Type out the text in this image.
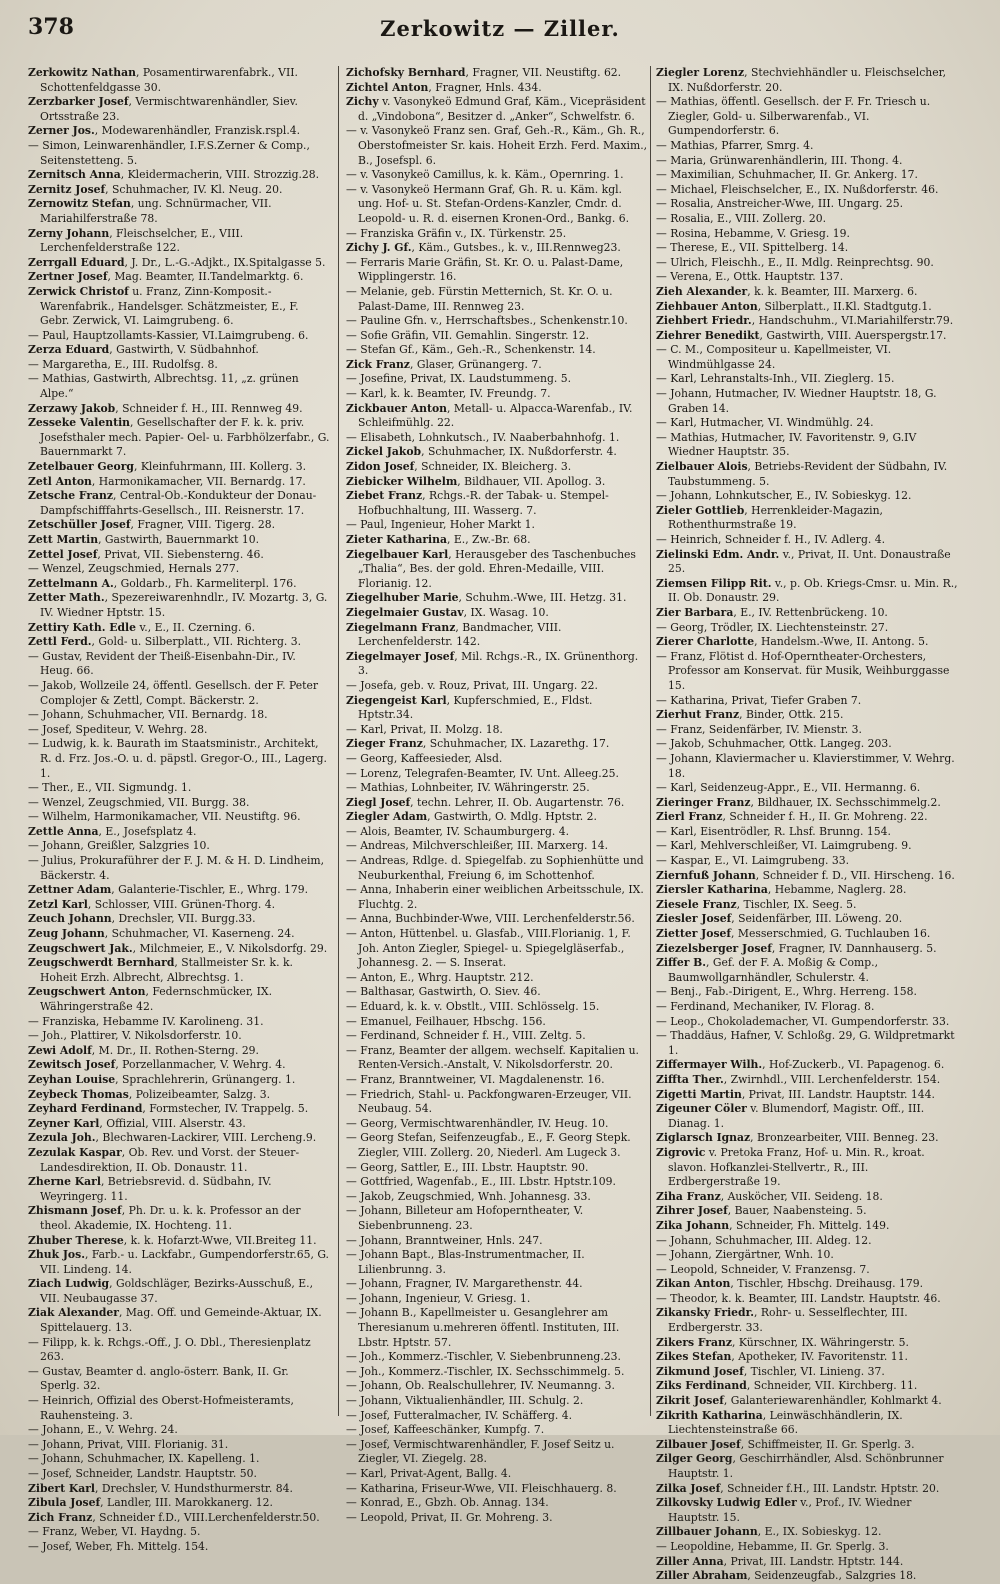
378	Zerkowitz — Ziller.

Zerkowitz Nathan, Posamentirwarenfabrk., VII. Schottenfeldgasse 30.

Zerzbarker Josef, Vermischtwarenhändler, Siev. Ortsstraße 23.

Zerner Jos., Modewarenhändler, Franzisk.rspl.4.

— Simon, Leinwarenhändler, I.F.S.Zerner & Comp., Seitenstetteng. 5.

Zernitsch Anna, Kleidermacherin, VIII. Strozzig.28.

Zernitz Josef, Schuhmacher, IV. Kl. Neug. 20.

Zernowitz Stefan, ung. Schnürmacher, VII. Mariahilferstraße 78.

Zerny Johann, Fleischselcher, E., VIII. Lerchenfelderstraße 122.

Zerrgall Eduard, J. Dr., L.-G.-Adjkt., IX.Spitalgasse 5.

Zertner Josef, Mag. Beamter, II.Tandelmarktg. 6.

Zerwick Christof u. Franz, Zinn-Komposit.-Warenfabrik., Handelsger. Schätzmeister, E., F. Gebr. Zerwick, VI. Laimgrubeng. 6.

— Paul, Hauptzollamts-Kassier, VI.Laimgrubeng. 6.

Zerza Eduard, Gastwirth, V. Südbahnhof.

— Margaretha, E., III. Rudolfsg. 8.

— Mathias, Gastwirth, Albrechtsg. 11, „z. grünen Alpe.“

Zerzawy Jakob, Schneider f. H., III. Rennweg 49.

Zesseke Valentin, Gesellschafter der F. k. k. priv. Josefsthaler mech. Papier- Oel- u. Farbhölzerfabr., G. Bauernmarkt 7.

Zetelbauer Georg, Kleinfuhrmann, III. Kollerg. 3.

Zetl Anton, Harmonikamacher, VII. Bernardg. 17.

Zetsche Franz, Central-Ob.-Kondukteur der Donau-Dampfschifffahrts-Gesellsch., III. Reisnerstr. 17.

Zetschüller Josef, Fragner, VIII. Tigerg. 28.

Zett Martin, Gastwirth, Bauernmarkt 10.

Zettel Josef, Privat, VII. Siebensterng. 46.

— Wenzel, Zeugschmied, Hernals 277.

Zettelmann A., Goldarb., Fh. Karmeliterpl. 176.

Zetter Math., Spezereiwarenhndlr., IV. Mozartg. 3, G. IV. Wiedner Hptstr. 15.

Zettiry Kath. Edle v., E., II. Czerning. 6.

Zettl Ferd., Gold- u. Silberplatt., VII. Richterg. 3.

— Gustav, Revident der Theiß-Eisenbahn-Dir., IV. Heug. 66.

— Jakob, Wollzeile 24, öffentl. Gesellsch. der F. Peter Complojer & Zettl, Compt. Bäckerstr. 2.

— Johann, Schuhmacher, VII. Bernardg. 18.

— Josef, Spediteur, V. Wehrg. 28.

— Ludwig, k. k. Baurath im Staatsministr., Architekt, R. d. Frz. Jos.-O. u. d. päpstl. Gregor-O., III., Lagerg. 1.

— Ther., E., VII. Sigmundg. 1.

— Wenzel, Zeugschmied, VII. Burgg. 38.

— Wilhelm, Harmonikamacher, VII. Neustiftg. 96.

Zettle Anna, E., Josefsplatz 4.

— Johann, Greißler, Salzgries 10.

— Julius, Prokuraführer der F. J. M. & H. D. Lindheim, Bäckerstr. 4.

Zettner Adam, Galanterie-Tischler, E., Whrg. 179.

Zetzl Karl, Schlosser, VIII. Grünen-Thorg. 4.

Zeuch Johann, Drechsler, VII. Burgg.33.

Zeug Johann, Schuhmacher, VI. Kaserneng. 24.

Zeugschwert Jak., Milchmeier, E., V. Nikolsdorfg. 29.

Zeugschwerdt Bernhard, Stallmeister Sr. k. k. Hoheit Erzh. Albrecht, Albrechtsg. 1.

Zeugschwert Anton, Federnschmücker, IX. Währingerstraße 42.

— Franziska, Hebamme IV. Karolineng. 31.

— Joh., Plattirer, V. Nikolsdorferstr. 10.

Zewi Adolf, M. Dr., II. Rothen-Sterng. 29.

Zewitsch Josef, Porzellanmacher, V. Wehrg. 4.

Zeyhan Louise, Sprachlehrerin, Grünangerg. 1.

Zeybeck Thomas, Polizeibeamter, Salzg. 3.

Zeyhard Ferdinand, Formstecher, IV. Trappelg. 5.

Zeyner Karl, Offizial, VIII. Alserstr. 43.

Zezula Joh., Blechwaren-Lackirer, VIII. Lercheng.9.

Zezulak Kaspar, Ob. Rev. und Vorst. der Steuer-Landesdirektion, II. Ob. Donaustr. 11.

Zherne Karl, Betriebsrevid. d. Südbahn, IV. Weyringerg. 11.

Zhismann Josef, Ph. Dr. u. k. k. Professor an der theol. Akademie, IX. Hochteng. 11.

Zhuber Therese, k. k. Hofarzt-Wwe, VII.Breiteg 11.

Zhuk Jos., Farb.- u. Lackfabr., Gumpendorferstr.65, G. VII. Lindeng. 14.

Ziach Ludwig, Goldschläger, Bezirks-Ausschuß, E., VII. Neubaugasse 37.

Ziak Alexander, Mag. Off. und Gemeinde-Aktuar, IX. Spittelauerg. 13.

— Filipp, k. k. Rchgs.-Off., J. O. Dbl., Theresienplatz 263.

— Gustav, Beamter d. anglo-österr. Bank, II. Gr. Sperlg. 32.

— Heinrich, Offizial des Oberst-Hofmeisteramts, Rauhensteing. 3.

— Johann, E., V. Wehrg. 24.

— Johann, Privat, VIII. Florianig. 31.

— Johann, Schuhmacher, IX. Kapelleng. 1.

— Josef, Schneider, Landstr. Hauptstr. 50.

Zibert Karl, Drechsler, V. Hundsthurmerstr. 84.

Zibula Josef, Landler, III. Marokkanerg. 12.

Zich Franz, Schneider f.D., VIII.Lerchenfelderstr.50.

— Franz, Weber, VI. Haydng. 5.

— Josef, Weber, Fh. Mittelg. 154.

Zichofsky Bernhard, Fragner, VII. Neustiftg. 62.

Zichtel Anton, Fragner, Hnls. 434.

Zichy v. Vasonykeö Edmund Graf, Käm., Vicepräsident d. „Vindobona“, Besitzer d. „Anker“, Schwelfstr. 6.

— v. Vasonykeö Franz sen. Graf, Geh.-R., Käm., Gh. R., Oberstofmeister Sr. kais. Hoheit Erzh. Ferd. Maxim., B., Josefspl. 6.

— v. Vasonykeö Camillus, k. k. Käm., Opernring. 1.

— v. Vasonykeö Hermann Graf, Gh. R. u. Käm. kgl. ung. Hof- u. St. Stefan-Ordens-Kanzler, Cmdr. d. Leopold- u. R. d. eisernen Kronen-Ord., Bankg. 6.

— Franziska Gräfin v., IX. Türkenstr. 25.

Zichy J. Gf., Käm., Gutsbes., k. v., III.Rennweg23.

— Ferraris Marie Gräfin, St. Kr. O. u. Palast-Dame, Wipplingerstr. 16.

— Melanie, geb. Fürstin Metternich, St. Kr. O. u. Palast-Dame, III. Rennweg 23.

— Pauline Gfn. v., Herrschaftsbes., Schenkenstr.10.

— Sofie Gräfin, VII. Gemahlin. Singerstr. 12.

— Stefan Gf., Käm., Geh.-R., Schenkenstr. 14.

Zick Franz, Glaser, Grünangerg. 7.

— Josefine, Privat, IX. Laudstummeng. 5.

— Karl, k. k. Beamter, IV. Freundg. 7.

Zickbauer Anton, Metall- u. Alpacca-Warenfab., IV. Schleifmühlg. 22.

— Elisabeth, Lohnkutsch., IV. Naaberbahnhofg. 1.

Zickel Jakob, Schuhmacher, IX. Nußdorferstr. 4.

Zidon Josef, Schneider, IX. Bleicherg. 3.

Ziebicker Wilhelm, Bildhauer, VII. Apollog. 3.

Ziebet Franz, Rchgs.-R. der Tabak- u. Stempel-Hofbuchhaltung, III. Wasserg. 7.

— Paul, Ingenieur, Hoher Markt 1.

Zieter Katharina, E., Zw.-Br. 68.

Ziegelbauer Karl, Herausgeber des Taschenbuches „Thalia“, Bes. der gold. Ehren-Medaille, VIII. Florianig. 12.

Ziegelhuber Marie, Schuhm.-Wwe, III. Hetzg. 31.

Ziegelmaier Gustav, IX. Wasag. 10.

Ziegelmann Franz, Bandmacher, VIII. Lerchenfelderstr. 142.

Ziegelmayer Josef, Mil. Rchgs.-R., IX. Grünenthorg. 3.

— Josefa, geb. v. Rouz, Privat, III. Ungarg. 22.

Ziegengeist Karl, Kupferschmied, E., Fldst. Hptstr.34.

— Karl, Privat, II. Molzg. 18.

Zieger Franz, Schuhmacher, IX. Lazarethg. 17.

— Georg, Kaffeesieder, Alsd.

— Lorenz, Telegrafen-Beamter, IV. Unt. Alleeg.25.

— Mathias, Lohnbeiter, IV. Währingerstr. 25.

Ziegl Josef, techn. Lehrer, II. Ob. Augartenstr. 76.

Ziegler Adam, Gastwirth, O. Mdlg. Hptstr. 2.

— Alois, Beamter, IV. Schaumburgerg. 4.

— Andreas, Milchverschleißer, III. Marxerg. 14.

— Andreas, Rdlge. d. Spiegelfab. zu Sophienhütte und Neuburkenthal, Freiung 6, im Schottenhof.

— Anna, Inhaberin einer weiblichen Arbeitsschule, IX. Fluchtg. 2.

— Anna, Buchbinder-Wwe, VIII. Lerchenfelderstr.56.

— Anton, Hüttenbel. u. Glasfab., VIII.Florianig. 1, F. Joh. Anton Ziegler, Spiegel- u. Spiegelgläserfab., Johannesg. 2. — S. Inserat.

— Anton, E., Whrg. Hauptstr. 212.

— Balthasar, Gastwirth, O. Siev. 46.

— Eduard, k. k. v. Obstlt., VIII. Schlösselg. 15.

— Emanuel, Feilhauer, Hbschg. 156.

— Ferdinand, Schneider f. H., VIII. Zeltg. 5.

— Franz, Beamter der allgem. wechself. Kapitalien u. Renten-Versich.-Anstalt, V. Nikolsdorferstr. 20.

— Franz, Branntweiner, VI. Magdalenenstr. 16.

— Friedrich, Stahl- u. Packfongwaren-Erzeuger, VII. Neubaug. 54.

— Georg, Vermischtwarenhändler, IV. Heug. 10.

— Georg Stefan, Seifenzeugfab., E., F. Georg Stepk. Ziegler, VIII. Zollerg. 20, Niederl. Am Lugeck 3.

— Georg, Sattler, E., III. Lbstr. Hauptstr. 90.

— Gottfried, Wagenfab., E., III. Lbstr. Hptstr.109.

— Jakob, Zeugschmied, Wnh. Johannesg. 33.

— Johann, Billeteur am Hofoperntheater, V. Siebenbrunneng. 23.

— Johann, Branntweiner, Hnls. 247.

— Johann Bapt., Blas-Instrumentmacher, II. Lilienbrunng. 3.

— Johann, Fragner, IV. Margarethenstr. 44.

— Johann, Ingenieur, V. Griesg. 1.

— Johann B., Kapellmeister u. Gesanglehrer am Theresianum u.mehreren öffentl. Instituten, III. Lbstr. Hptstr. 57.

— Joh., Kommerz.-Tischler, V. Siebenbrunneng.23.

— Joh., Kommerz.-Tischler, IX. Sechsschimmelg. 5.

— Johann, Ob. Realschullehrer, IV. Neumanng. 3.

— Johann, Viktualienhändler, III. Schulg. 2.

— Josef, Futteralmacher, IV. Schäfferg. 4.

— Josef, Kaffeeschänker, Kumpfg. 7.

— Josef, Vermischtwarenhändler, F. Josef Seitz u. Ziegler, VI. Ziegelg. 28.

— Karl, Privat-Agent, Ballg. 4.

— Katharina, Friseur-Wwe, VII. Fleischhauerg. 8.

— Konrad, E., Gbzh. Ob. Annag. 134.

— Leopold, Privat, II. Gr. Mohreng. 3.

Ziegler Lorenz, Stechviehhändler u. Fleischselcher, IX. Nußdorferstr. 20.

— Mathias, öffentl. Gesellsch. der F. Fr. Triesch u. Ziegler, Gold- u. Silberwarenfab., VI. Gumpendorferstr. 6.

— Mathias, Pfarrer, Smrg. 4.

— Maria, Grünwarenhändlerin, III. Thong. 4.

— Maximilian, Schuhmacher, II. Gr. Ankerg. 17.

— Michael, Fleischselcher, E., IX. Nußdorferstr. 46.

— Rosalia, Anstreicher-Wwe, III. Ungarg. 25.

— Rosalia, E., VIII. Zollerg. 20.

— Rosina, Hebamme, V. Griesg. 19.

— Therese, E., VII. Spittelberg. 14.

— Ulrich, Fleischh., E., II. Mdlg. Reinprechtsg. 90.

— Verena, E., Ottk. Hauptstr. 137.

Zieh Alexander, k. k. Beamter, III. Marxerg. 6.

Ziehbauer Anton, Silberplatt., II.Kl. Stadtgutg.1.

Ziehbert Friedr., Handschuhm., VI.Mariahilferstr.79.

Ziehrer Benedikt, Gastwirth, VIII. Auerspergstr.17.

— C. M., Compositeur u. Kapellmeister, VI. Windmühlgasse 24.

— Karl, Lehranstalts-Inh., VII. Zieglerg. 15.

— Johann, Hutmacher, IV. Wiedner Hauptstr. 18, G. Graben 14.

— Karl, Hutmacher, VI. Windmühlg. 24.

— Mathias, Hutmacher, IV. Favoritenstr. 9, G.IV Wiedner Hauptstr. 35.

Zielbauer Alois, Betriebs-Revident der Südbahn, IV. Taubstummeng. 5.

— Johann, Lohnkutscher, E., IV. Sobieskyg. 12.

Zieler Gottlieb, Herrenkleider-Magazin, Rothenthurmstraße 19.

— Heinrich, Schneider f. H., IV. Adlerg. 4.

Zielinski Edm. Andr. v., Privat, II. Unt. Donaustraße 25.

Ziemsen Filipp Rit. v., p. Ob. Kriegs-Cmsr. u. Min. R., II. Ob. Donaustr. 29.

Zier Barbara, E., IV. Rettenbrückeng. 10.

— Georg, Trödler, IX. Liechtensteinstr. 27.

Zierer Charlotte, Handelsm.-Wwe, II. Antong. 5.

— Franz, Flötist d. Hof-Operntheater-Orchesters, Professor am Konservat. für Musik, Weihburggasse 15.

— Katharina, Privat, Tiefer Graben 7.

Zierhut Franz, Binder, Ottk. 215.

— Franz, Seidenfärber, IV. Mienstr. 3.

— Jakob, Schuhmacher, Ottk. Langeg. 203.

— Johann, Klaviermacher u. Klavierstimmer, V. Wehrg. 18.

— Karl, Seidenzeug-Appr., E., VII. Hermanng. 6.

Zieringer Franz, Bildhauer, IX. Sechsschimmelg.2.

Zierl Franz, Schneider f. H., II. Gr. Mohreng. 22.

— Karl, Eisentrödler, R. Lhsf. Brunng. 154.

— Karl, Mehlverschleißer, VI. Laimgrubeng. 9.

— Kaspar, E., VI. Laimgrubeng. 33.

Ziernfuß Johann, Schneider f. D., VII. Hirscheng. 16.

Ziersler Katharina, Hebamme, Naglerg. 28.

Ziesele Franz, Tischler, IX. Seeg. 5.

Ziesler Josef, Seidenfärber, III. Löweng. 20.

Zietter Josef, Messerschmied, G. Tuchlauben 16.

Ziezelsberger Josef, Fragner, IV. Dannhauserg. 5.

Ziffer B., Gef. der F. A. Moßig & Comp., Baumwollgarnhändler, Schulerstr. 4.

— Benj., Fab.-Dirigent, E., Whrg. Herreng. 158.

— Ferdinand, Mechaniker, IV. Florag. 8.

— Leop., Chokolademacher, VI. Gumpendorferstr. 33.

— Thaddäus, Hafner, V. Schloßg. 29, G. Wildpretmarkt 1.

Ziffermayer Wilh., Hof-Zuckerb., VI. Papagenog. 6.

Ziffta Ther., Zwirnhdl., VIII. Lerchenfelderstr. 154.

Zigetti Martin, Privat, III. Landstr. Hauptstr. 144.

Zigeuner Cöler v. Blumendorf, Magistr. Off., III. Dianag. 1.

Ziglarsch Ignaz, Bronzearbeiter, VIII. Benneg. 23.

Zigrovic v. Pretoka Franz, Hof- u. Min. R., kroat. slavon. Hofkanzlei-Stellvertr., R., III. Erdbergerstraße 19.

Ziha Franz, Ausköcher, VII. Seideng. 18.

Zihrer Josef, Bauer, Naabensteing. 5.

Zika Johann, Schneider, Fh. Mittelg. 149.

— Johann, Schuhmacher, III. Aldeg. 12.

— Johann, Ziergärtner, Wnh. 10.

— Leopold, Schneider, V. Franzensg. 7.

Zikan Anton, Tischler, Hbschg. Dreihausg. 179.

— Theodor, k. k. Beamter, III. Landstr. Hauptstr. 46.

Zikansky Friedr., Rohr- u. Sesselflechter, III. Erdbergerstr. 33.

Zikers Franz, Kürschner, IX. Währingerstr. 5.

Zikes Stefan, Apotheker, IV. Favoritenstr. 11.

Zikmund Josef, Tischler, VI. Linieng. 37.

Ziks Ferdinand, Schneider, VII. Kirchberg. 11.

Zikrit Josef, Galanteriewarenhändler, Kohlmarkt 4.

Zikrith Katharina, Leinwäschhändlerin, IX. Liechtensteinstraße 66.

Zilbauer Josef, Schiffmeister, II. Gr. Sperlg. 3.

Zilger Georg, Geschirrhändler, Alsd. Schönbrunner Hauptstr. 1.

Zilka Josef, Schneider f.H., III. Landstr. Hptstr. 20.

Zilkovsky Ludwig Edler v., Prof., IV. Wiedner Hauptstr. 15.

Zillbauer Johann, E., IX. Sobieskyg. 12.

— Leopoldine, Hebamme, II. Gr. Sperlg. 3.

Ziller Anna, Privat, III. Landstr. Hptstr. 144.

Ziller Abraham, Seidenzeugfab., Salzgries 18.
